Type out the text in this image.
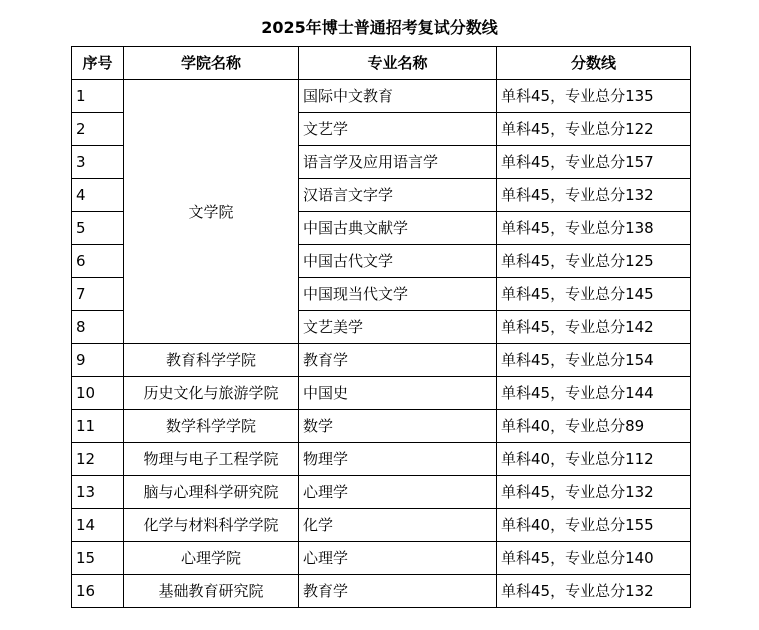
2025年博士普通招考复试分数线
序号	学院名称	专业名称	分数线
1	文学院	国际中文教育	单科45，专业总分135
2		文艺学	单科45，专业总分122
3		语言学及应用语言学	单科45，专业总分157
4		汉语言文字学	单科45，专业总分132
5		中国古典文献学	单科45，专业总分138
6		中国古代文学	单科45，专业总分125
7		中国现当代文学	单科45，专业总分145
8		文艺美学	单科45，专业总分142
9	教育科学学院	教育学	单科45，专业总分154
10	历史文化与旅游学院	中国史	单科45，专业总分144
11	数学科学学院	数学	单科40，专业总分89
12	物理与电子工程学院	物理学	单科40，专业总分112
13	脑与心理科学研究院	心理学	单科45，专业总分132
14	化学与材料科学学院	化学	单科40，专业总分155
15	心理学院	心理学	单科45，专业总分140
16	基础教育研究院	教育学	单科45，专业总分132
